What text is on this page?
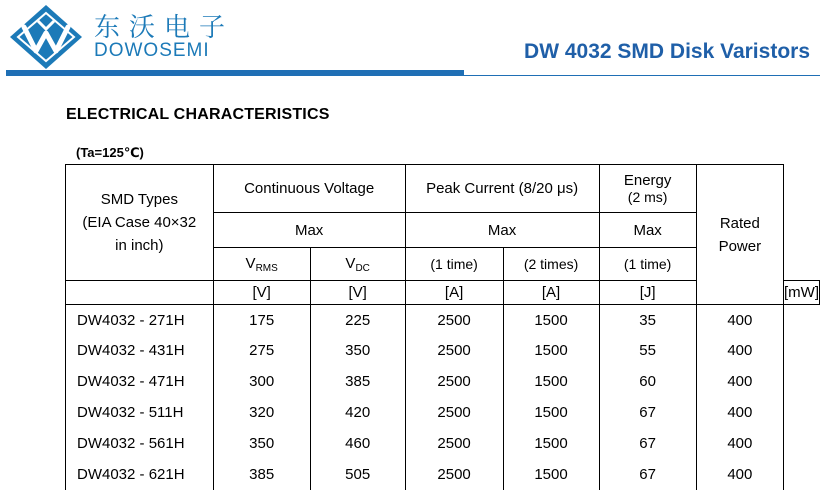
东沃电子
DOWOSEMI	DW 4032 SMD Disk Varistors
ELECTRICAL CHARACTERISTICS
(Ta=125℃)
SMD Types
(EIA Case 40×32
in inch)	Continuous Voltage		Peak Current (8/20 μs)		Energy
(2 ms)	Rated
Power	
	Max		Max		Max		
	$V_{RMS}$	$V_{DC}$	(1 time)	(2 times)	(1 time)		
	[V]	[V]	[A]	[A]	[J]		[mW]
DW4032 - 271H	175	225	2500	1500	35	400	
DW4032 - 431H	275	350	2500	1500	55	400	
DW4032 - 471H	300	385	2500	1500	60	400	
DW4032 - 511H	320	420	2500	1500	67	400	
DW4032 - 561H	350	460	2500	1500	67	400	
DW4032 - 621H	385	505	2500	1500	67	400	
